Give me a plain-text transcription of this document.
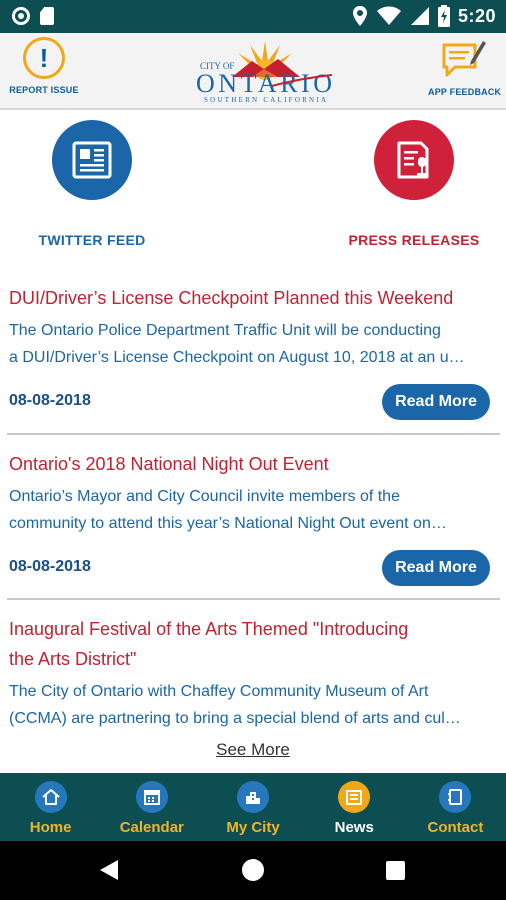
5:20
!
REPORT ISSUE
CITY OF
ONTARIO
SOUTHERN CALIFORNIA
APP FEEDBACK
TWITTER FEED	PRESS RELEASES
DUI/Driver’s License Checkpoint Planned this Weekend
The Ontario Police Department Traffic Unit will be conducting
a DUI/Driver’s License Checkpoint on August 10, 2018 at an u…
08-08-2018	Read More
Ontario's 2018 National Night Out Event
Ontario’s Mayor and City Council invite members of the
community to attend this year’s National Night Out event on…
08-08-2018	Read More
Inaugural Festival of the Arts Themed "Introducing
the Arts District"
The City of Ontario with Chaffey Community Museum of Art
(CCMA) are partnering to bring a special blend of arts and cul…
See More
Home	Calendar	My City	News	Contact
